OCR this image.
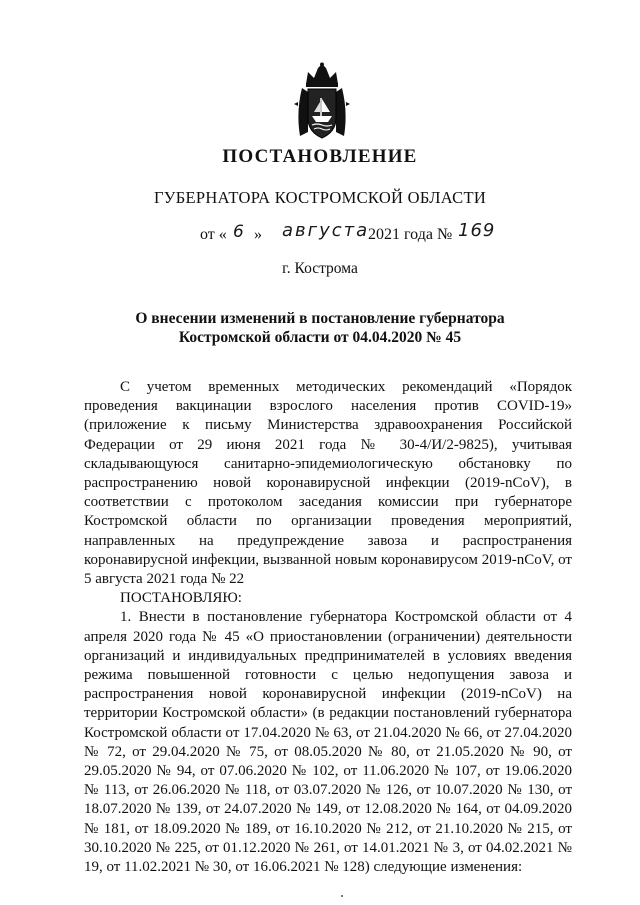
ПОСТАНОВЛЕНИЕ
ГУБЕРНАТОРА КОСТРОМСКОЙ ОБЛАСТИ
от « 6 » августа
2021 года № 169
г. Кострома
О внесении изменений в постановление губернатора
Костромской области от 04.04.2020 № 45

С учетом временных методических рекомендаций «Порядок проведения вакцинации взрослого населения против COVID-19» (приложение к письму Министерства здравоохранения Российской Федерации от 29 июня 2021 года № 30-4/И/2-9825), учитывая складывающуюся санитарно-эпидемиологическую обстановку по распространению новой коронавирусной инфекции (2019-nCoV), в соответствии с протоколом заседания комиссии при губернаторе Костромской области по организации проведения мероприятий, направленных на предупреждение завоза и распространения коронавирусной инфекции, вызванной новым коронавирусом 2019-nCoV, от 5 августа 2021 года № 22

ПОСТАНОВЛЯЮ:

1. Внести в постановление губернатора Костромской области от 4 апреля 2020 года № 45 «О приостановлении (ограничении) деятельности организаций и индивидуальных предпринимателей в условиях введения режима повышенной готовности с целью недопущения завоза и распространения новой коронавирусной инфекции (2019-nCoV) на территории Костромской области» (в редакции постановлений губернатора Костромской области от 17.04.2020 № 63, от 21.04.2020 № 66, от 27.04.2020 № 72, от 29.04.2020 № 75, от 08.05.2020 № 80, от 21.05.2020 № 90, от 29.05.2020 № 94, от 07.06.2020 № 102, от 11.06.2020 № 107, от 19.06.2020 № 113, от 26.06.2020 № 118, от 03.07.2020 № 126, от 10.07.2020 № 130, от 18.07.2020 № 139, от 24.07.2020 № 149, от 12.08.2020 № 164, от 04.09.2020 № 181, от 18.09.2020 № 189, от 16.10.2020 № 212, от 21.10.2020 № 215, от 30.10.2020 № 225, от 01.12.2020 № 261, от 14.01.2021 № 3, от 04.02.2021 № 19, от 11.02.2021 № 30, от 16.06.2021 № 128) следующие изменения:
